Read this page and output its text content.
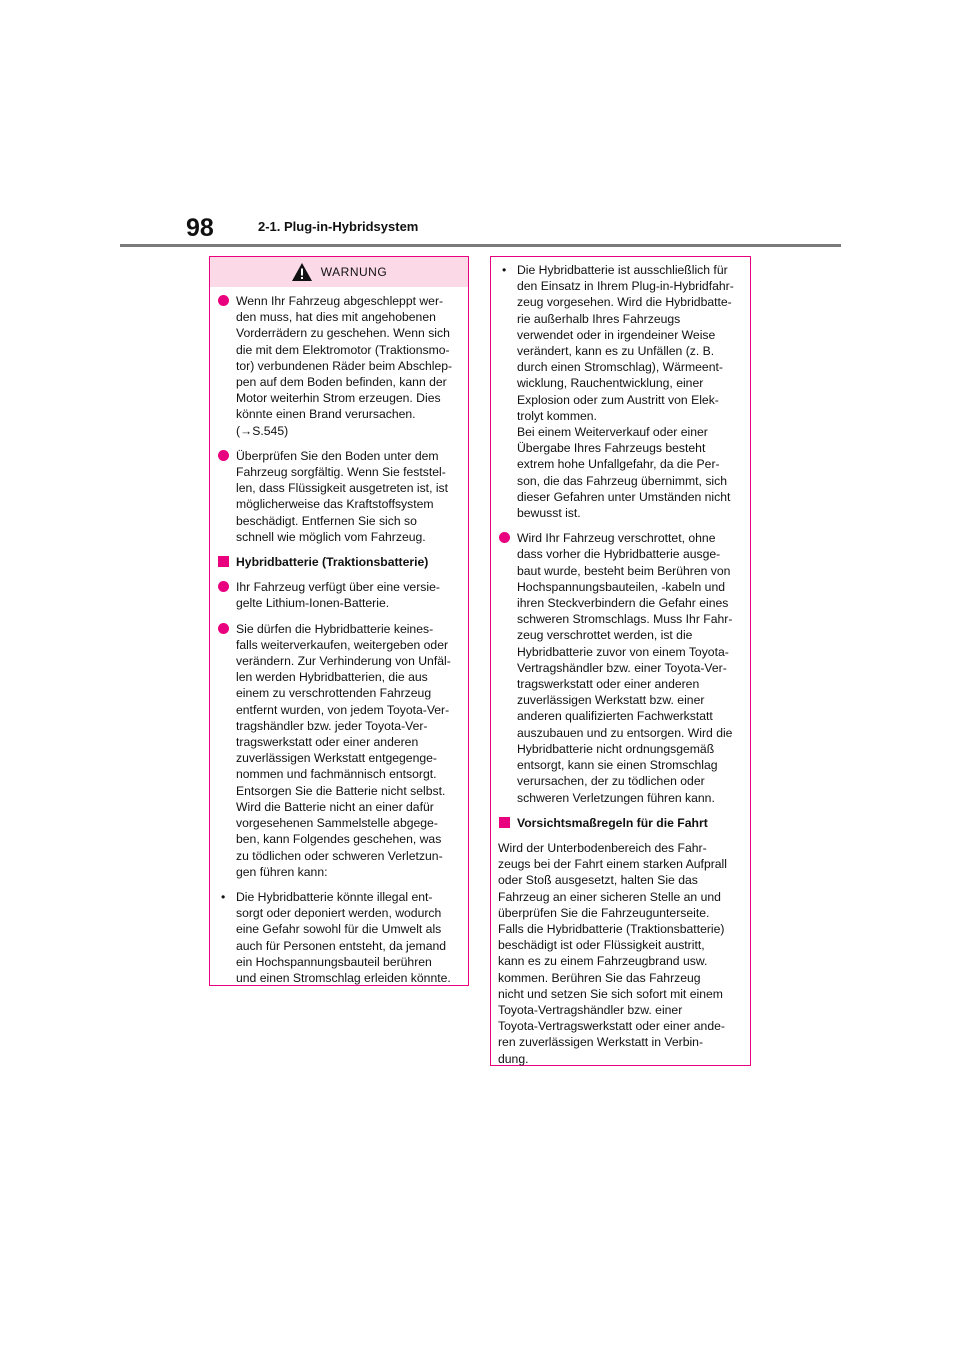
98	2-1. Plug-in-Hybridsystem
WARNUNG
Wenn Ihr Fahrzeug abgeschleppt wer-
den muss, hat dies mit angehobenen
Vorderrädern zu geschehen. Wenn sich
die mit dem Elektromotor (Traktionsmo-
tor) verbundenen Räder beim Abschlep-
pen auf dem Boden befinden, kann der
Motor weiterhin Strom erzeugen. Dies
könnte einen Brand verursachen.
(→S.545)
Überprüfen Sie den Boden unter dem
Fahrzeug sorgfältig. Wenn Sie feststel-
len, dass Flüssigkeit ausgetreten ist, ist
möglicherweise das Kraftstoffsystem
beschädigt. Entfernen Sie sich so
schnell wie möglich vom Fahrzeug.
Hybridbatterie (Traktionsbatterie)
Ihr Fahrzeug verfügt über eine versie-
gelte Lithium-Ionen-Batterie.
Sie dürfen die Hybridbatterie keines-
falls weiterverkaufen, weitergeben oder
verändern. Zur Verhinderung von Unfäl-
len werden Hybridbatterien, die aus
einem zu verschrottenden Fahrzeug
entfernt wurden, von jedem Toyota-Ver-
tragshändler bzw. jeder Toyota-Ver-
tragswerkstatt oder einer anderen
zuverlässigen Werkstatt entgegenge-
nommen und fachmännisch entsorgt.
Entsorgen Sie die Batterie nicht selbst.
Wird die Batterie nicht an einer dafür
vorgesehenen Sammelstelle abgege-
ben, kann Folgendes geschehen, was
zu tödlichen oder schweren Verletzun-
gen führen kann:
• Die Hybridbatterie könnte illegal ent-
sorgt oder deponiert werden, wodurch
eine Gefahr sowohl für die Umwelt als
auch für Personen entsteht, da jemand
ein Hochspannungsbauteil berühren
und einen Stromschlag erleiden könnte.
• Die Hybridbatterie ist ausschließlich für
den Einsatz in Ihrem Plug-in-Hybridfahr-
zeug vorgesehen. Wird die Hybridbatte-
rie außerhalb Ihres Fahrzeugs
verwendet oder in irgendeiner Weise
verändert, kann es zu Unfällen (z. B.
durch einen Stromschlag), Wärmeent-
wicklung, Rauchentwicklung, einer
Explosion oder zum Austritt von Elek-
trolyt kommen.
Bei einem Weiterverkauf oder einer
Übergabe Ihres Fahrzeugs besteht
extrem hohe Unfallgefahr, da die Per-
son, die das Fahrzeug übernimmt, sich
dieser Gefahren unter Umständen nicht
bewusst ist.
Wird Ihr Fahrzeug verschrottet, ohne
dass vorher die Hybridbatterie ausge-
baut wurde, besteht beim Berühren von
Hochspannungsbauteilen, -kabeln und
ihren Steckverbindern die Gefahr eines
schweren Stromschlags. Muss Ihr Fahr-
zeug verschrottet werden, ist die
Hybridbatterie zuvor von einem Toyota-
Vertragshändler bzw. einer Toyota-Ver-
tragswerkstatt oder einer anderen
zuverlässigen Werkstatt bzw. einer
anderen qualifizierten Fachwerkstatt
auszubauen und zu entsorgen. Wird die
Hybridbatterie nicht ordnungsgemäß
entsorgt, kann sie einen Stromschlag
verursachen, der zu tödlichen oder
schweren Verletzungen führen kann.
Vorsichtsmaßregeln für die Fahrt
Wird der Unterbodenbereich des Fahr-
zeugs bei der Fahrt einem starken Aufprall
oder Stoß ausgesetzt, halten Sie das
Fahrzeug an einer sicheren Stelle an und
überprüfen Sie die Fahrzeugunterseite.
Falls die Hybridbatterie (Traktionsbatterie)
beschädigt ist oder Flüssigkeit austritt,
kann es zu einem Fahrzeugbrand usw.
kommen. Berühren Sie das Fahrzeug
nicht und setzen Sie sich sofort mit einem
Toyota-Vertragshändler bzw. einer
Toyota-Vertragswerkstatt oder einer ande-
ren zuverlässigen Werkstatt in Verbin-
dung.
